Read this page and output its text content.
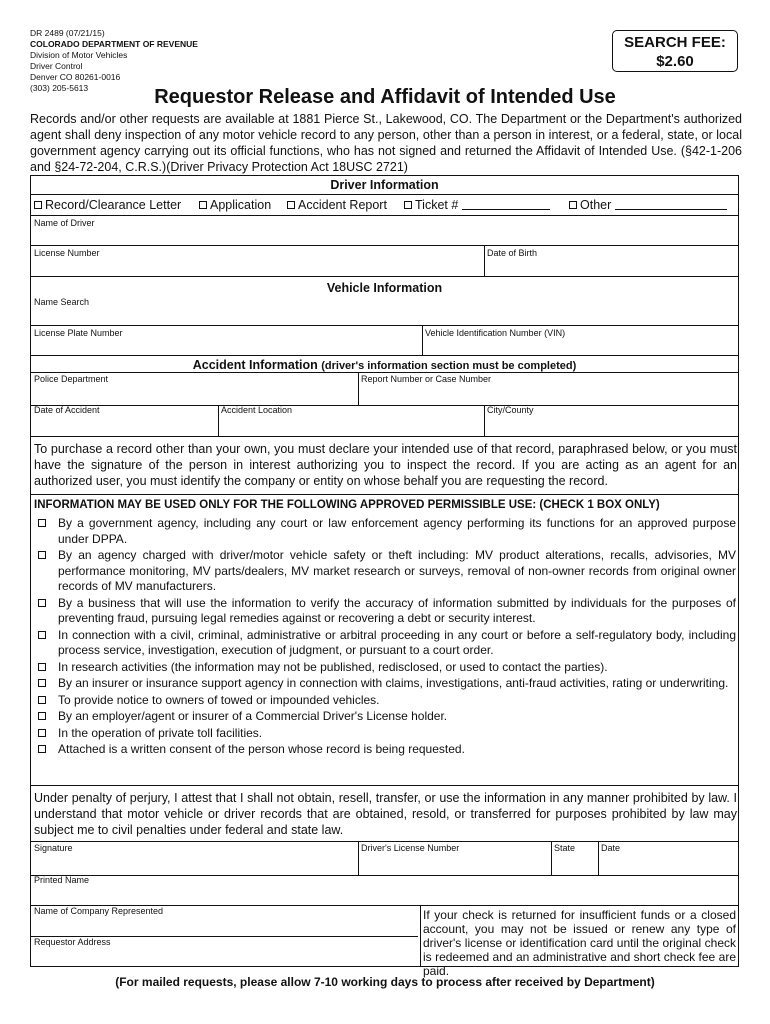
DR 2489 (07/21/15)
COLORADO DEPARTMENT OF REVENUE
Division of Motor Vehicles
Driver Control
Denver CO 80261-0016
(303) 205-5613
SEARCH FEE:
$2.60
Requestor Release and Affidavit of Intended Use
Records and/or other requests are available at 1881 Pierce St., Lakewood, CO. The Department or the Department's authorized agent shall deny inspection of any motor vehicle record to any person, other than a person in interest, or a federal, state, or local government agency carrying out its official functions, who has not signed and returned the Affidavit of Intended Use. (§42-1-206 and §24-72-204, C.R.S.)(Driver Privacy Protection Act 18USC 2721)
Driver Information
Record/Clearance Letter	Application	Accident Report	Ticket #	Other
Name of Driver
License Number	Date of Birth
Vehicle Information
Name Search
License Plate Number	Vehicle Identification Number (VIN)
Accident Information (driver's information section must be completed)
Police Department	Report Number or Case Number
Date of Accident	Accident Location	City/County
To purchase a record other than your own, you must declare your intended use of that record, paraphrased below, or you must have the signature of the person in interest authorizing you to inspect the record. If you are acting as an agent for an authorized user, you must identify the company or entity on whose behalf you are requesting the record.
INFORMATION MAY BE USED ONLY FOR THE FOLLOWING APPROVED PERMISSIBLE USE: (CHECK 1 BOX ONLY)
By a government agency, including any court or law enforcement agency performing its functions for an approved purpose under DPPA.
By an agency charged with driver/motor vehicle safety or theft including: MV product alterations, recalls, advisories, MV performance monitoring, MV parts/dealers, MV market research or surveys, removal of non-owner records from original owner records of MV manufacturers.
By a business that will use the information to verify the accuracy of information submitted by individuals for the purposes of preventing fraud, pursuing legal remedies against or recovering a debt or security interest.
In connection with a civil, criminal, administrative or arbitral proceeding in any court or before a self-regulatory body, including process service, investigation, execution of judgment, or pursuant to a court order.
In research activities (the information may not be published, redisclosed, or used to contact the parties).
By an insurer or insurance support agency in connection with claims, investigations, anti-fraud activities, rating or underwriting.
To provide notice to owners of towed or impounded vehicles.
By an employer/agent or insurer of a Commercial Driver's License holder.
In the operation of private toll facilities.
Attached is a written consent of the person whose record is being requested.
Under penalty of perjury, I attest that I shall not obtain, resell, transfer, or use the information in any manner prohibited by law. I understand that motor vehicle or driver records that are obtained, resold, or transferred for purposes prohibited by law may subject me to civil penalties under federal and state law.
Signature	Driver's License Number	State	Date
Printed Name
Name of Company Represented
Requestor Address
If your check is returned for insufficient funds or a closed account, you may not be issued or renew any type of driver's license or identification card until the original check is redeemed and an administrative and short check fee are paid.
(For mailed requests, please allow 7-10 working days to process after received by Department)
